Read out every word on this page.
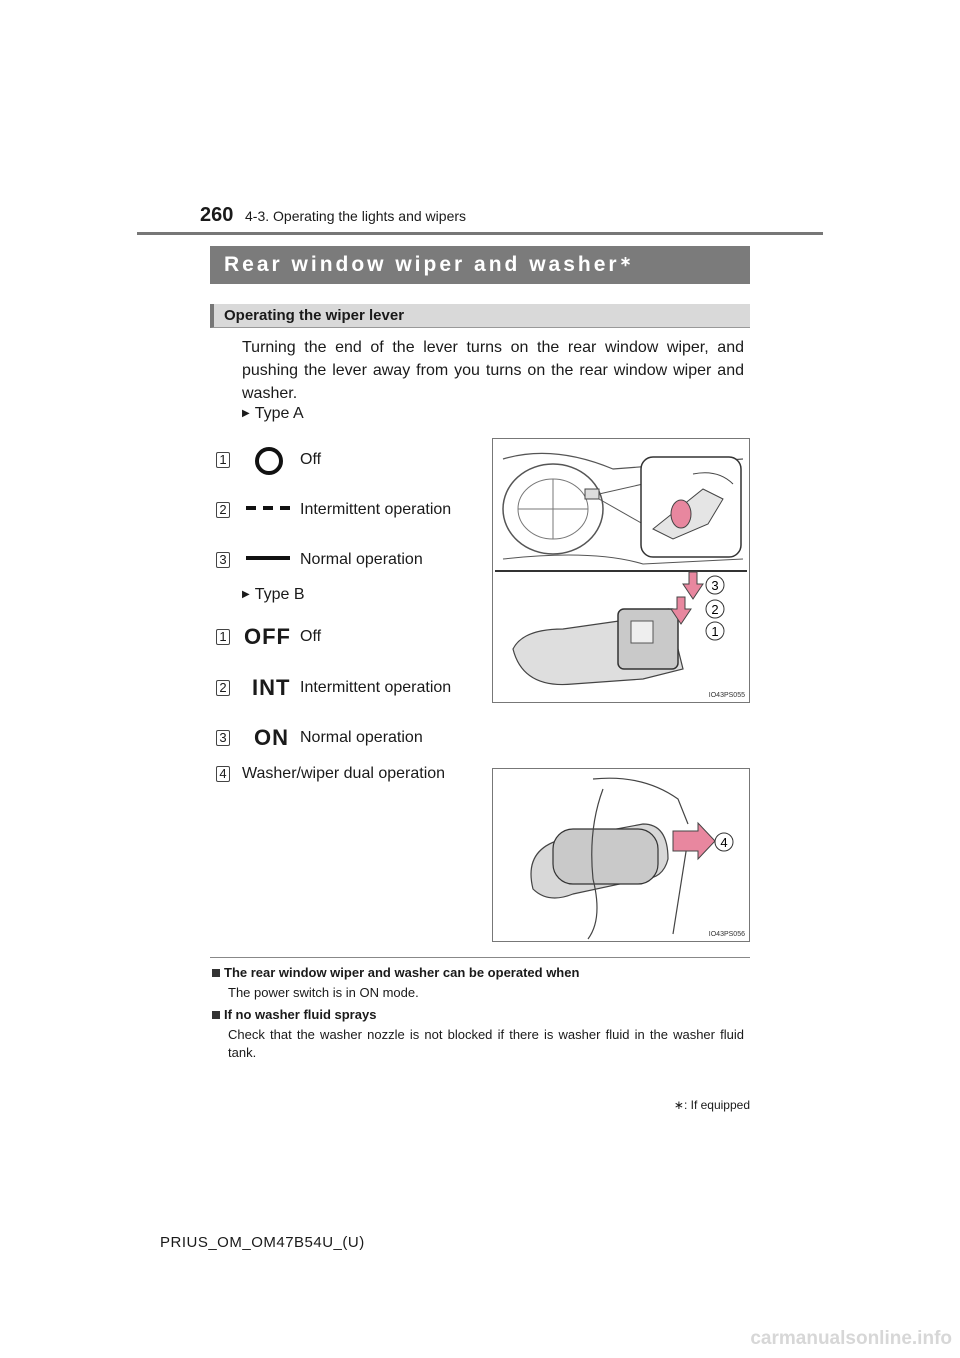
260 4-3. Operating the lights and wipers
Rear window wiper and washer∗
Operating the wiper lever
Turning the end of the lever turns on the rear window wiper, and pushing the lever away from you turns on the rear window wiper and washer.
▶ Type A
1	Off
2	Intermittent operation
3	Normal operation
▶ Type B
1 OFF Off
2 INT Intermittent operation
3 ON Normal operation
4 Washer/wiper dual operation
1
2
3
IO43PS055
4
IO43PS056
The rear window wiper and washer can be operated when
The power switch is in ON mode.
If no washer fluid sprays
Check that the washer nozzle is not blocked if there is washer fluid in the washer fluid tank.
∗: If equipped
PRIUS_OM_OM47B54U_(U)
carmanualsonline.info
